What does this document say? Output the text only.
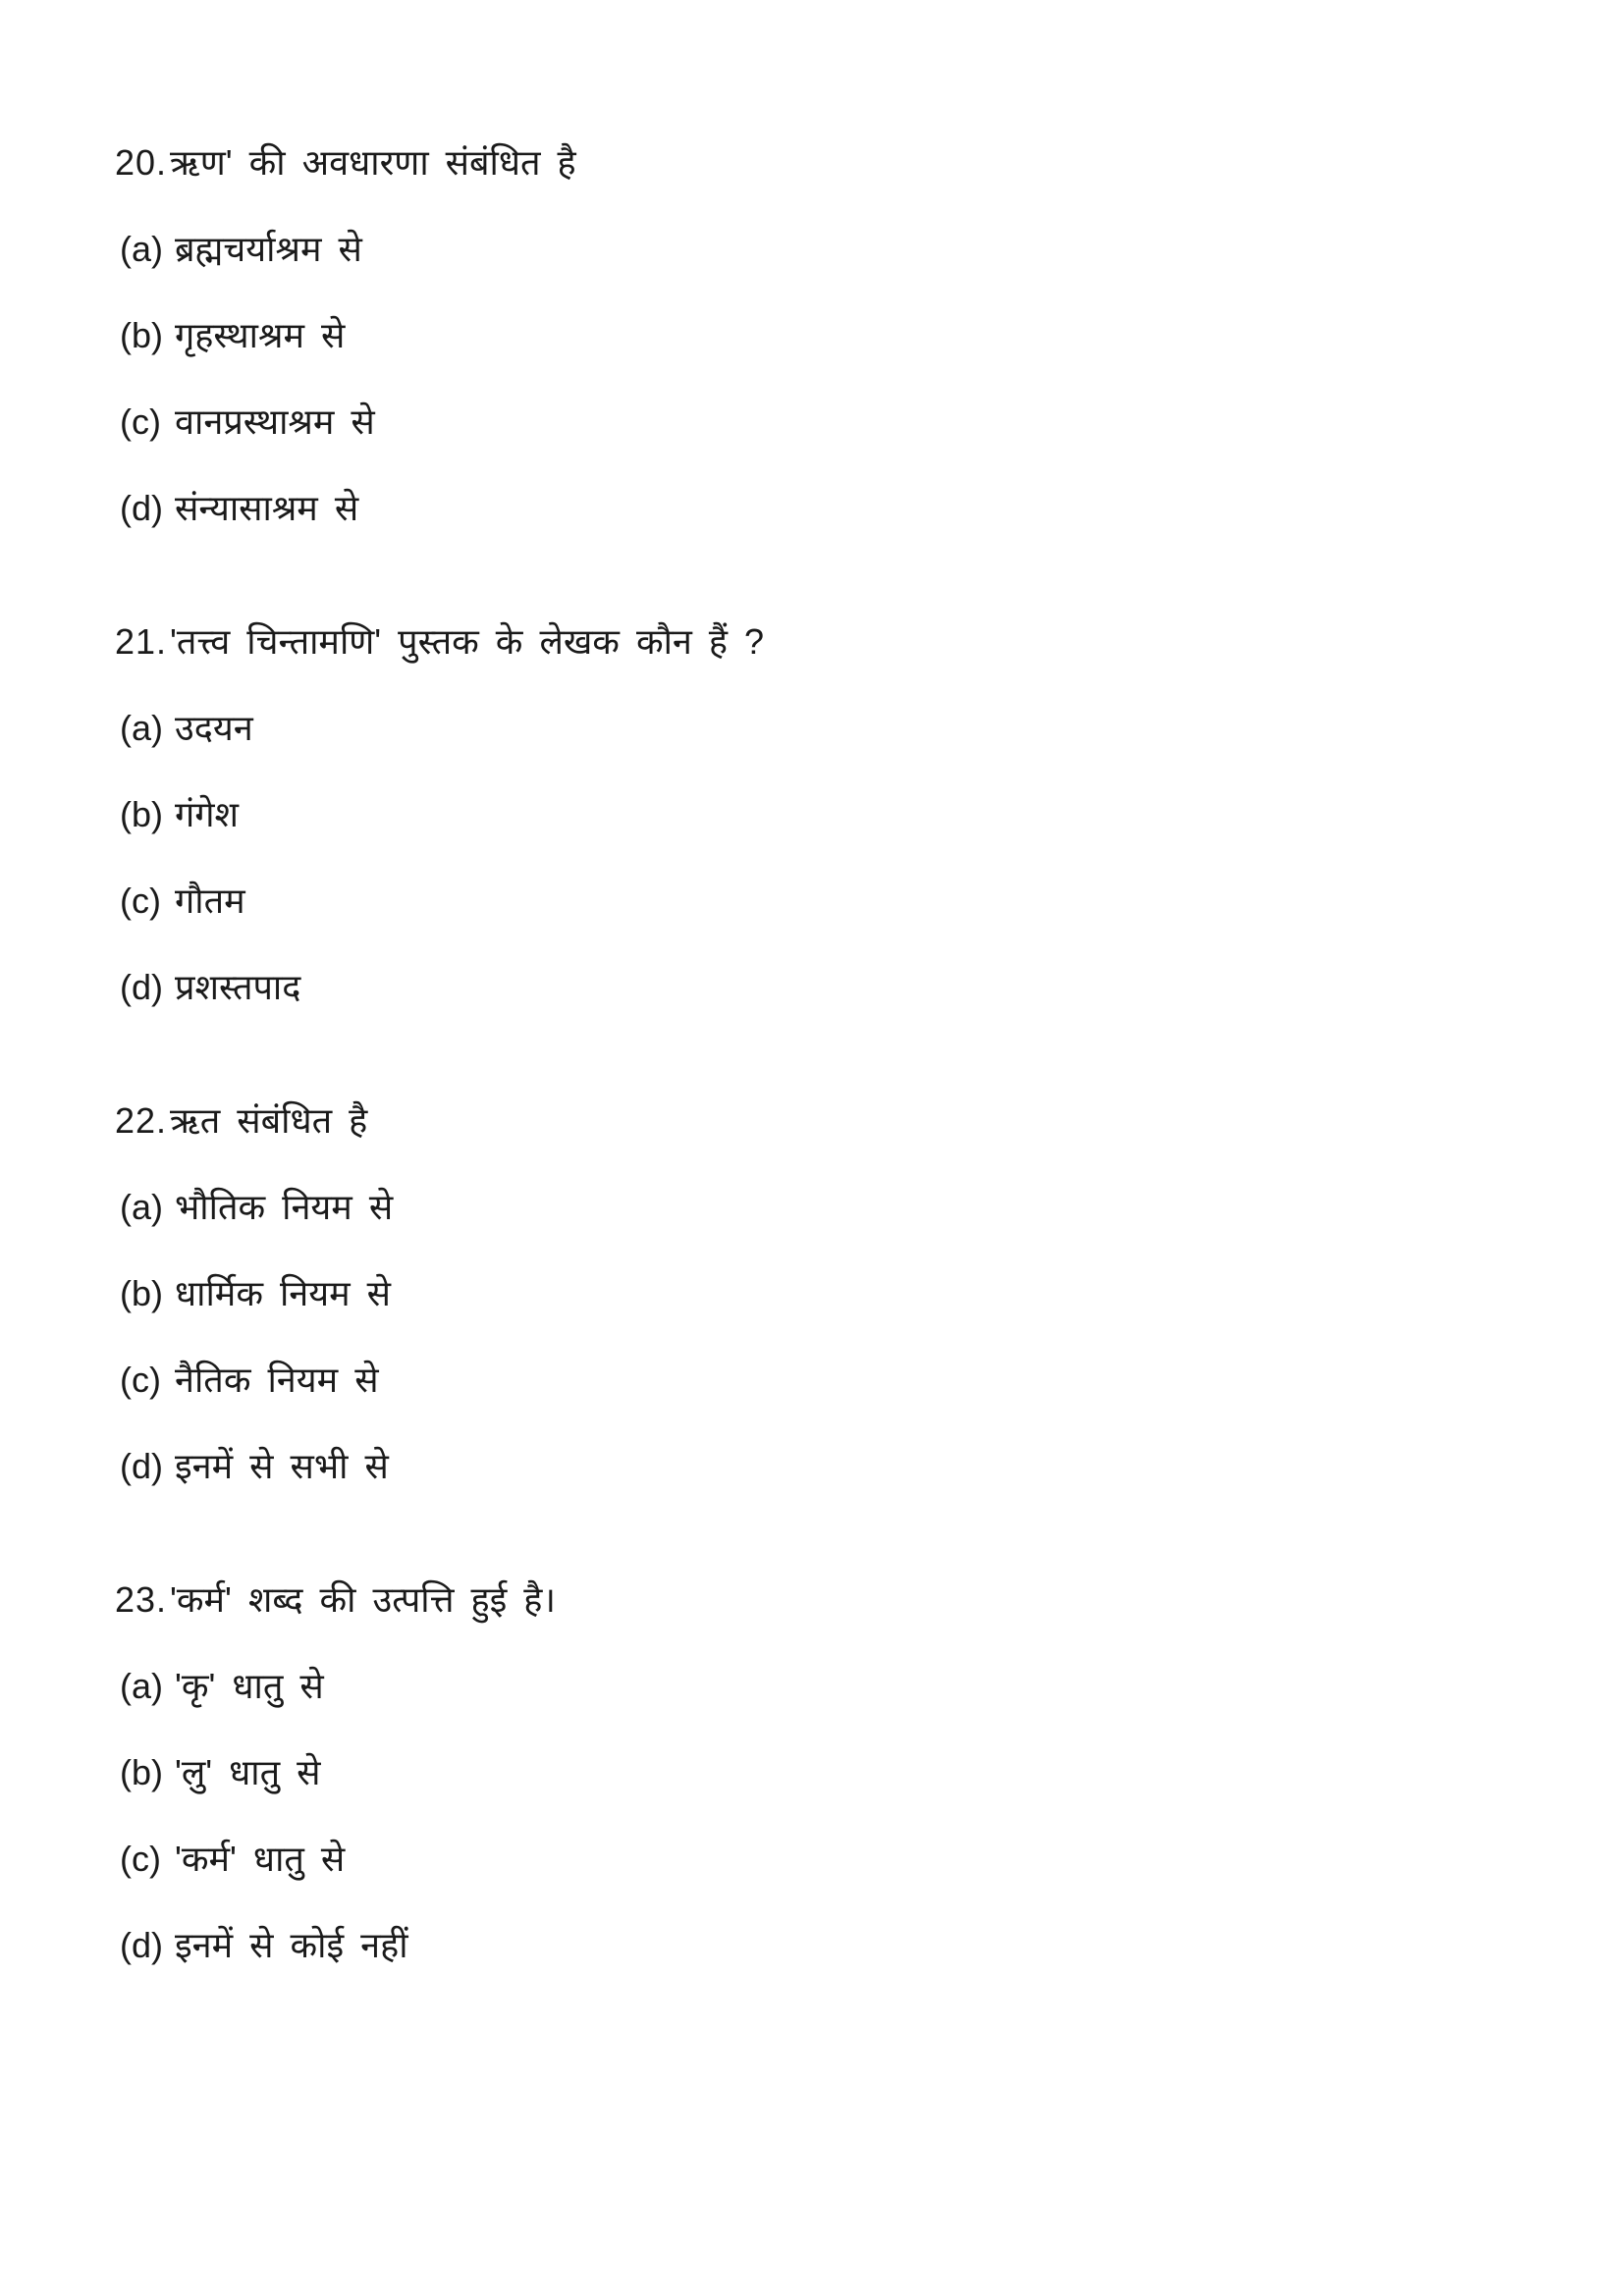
20. ऋण' की अवधारणा संबंधित है
(a) ब्रह्मचर्याश्रम से
(b) गृहस्थाश्रम से
(c) वानप्रस्थाश्रम से
(d) संन्यासाश्रम से
21. 'तत्त्व चिन्तामणि' पुस्तक के लेखक कौन हैं ?
(a) उदयन
(b) गंगेश
(c) गौतम
(d) प्रशस्तपाद
22. ऋत संबंधित है
(a) भौतिक नियम से
(b) धार्मिक नियम से
(c) नैतिक नियम से
(d) इनमें से सभी से
23. 'कर्म' शब्द की उत्पत्ति हुई है।
(a) 'कृ' धातु से
(b) 'लु' धातु से
(c) 'कर्म' धातु से
(d) इनमें से कोई नहीं
